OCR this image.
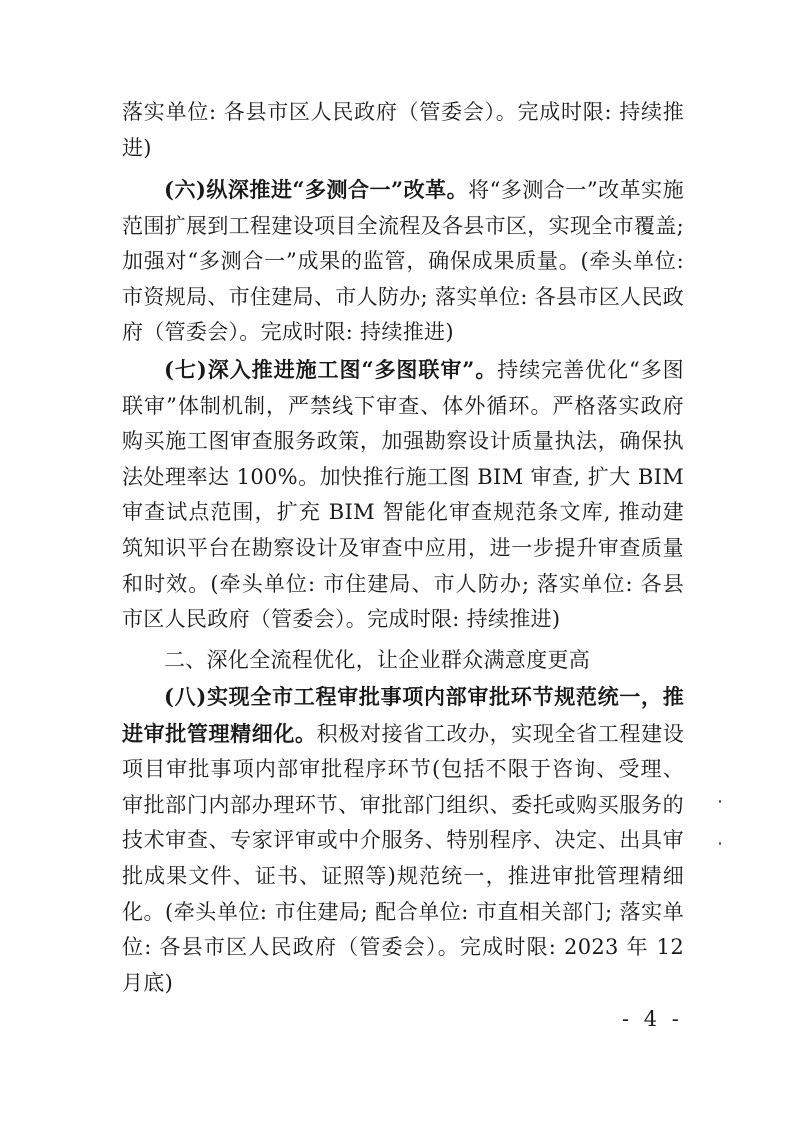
落实单位: 各县市区人民政府（管委会）。完成时限: 持续推进)
(六)纵深推进“多测合一”改革。将“多测合一”改革实施范围扩展到工程建设项目全流程及各县市区，实现全市覆盖; 加强对“多测合一”成果的监管，确保成果质量。(牵头单位: 市资规局、市住建局、市人防办; 落实单位: 各县市区人民政府（管委会）。完成时限: 持续推进)
(七)深入推进施工图“多图联审”。持续完善优化“多图联审”体制机制，严禁线下审查、体外循环。严格落实政府购买施工图审查服务政策，加强勘察设计质量执法，确保执法处理率达 100%。加快推行施工图 BIM 审查, 扩大 BIM 审查试点范围，扩充 BIM 智能化审查规范条文库, 推动建筑知识平台在勘察设计及审查中应用，进一步提升审查质量和时效。(牵头单位: 市住建局、市人防办; 落实单位: 各县市区人民政府（管委会）。完成时限: 持续推进)
二、深化全流程优化，让企业群众满意度更高
(八)实现全市工程审批事项内部审批环节规范统一，推进审批管理精细化。积极对接省工改办，实现全省工程建设项目审批事项内部审批程序环节(包括不限于咨询、受理、审批部门内部办理环节、审批部门组织、委托或购买服务的技术审查、专家评审或中介服务、特别程序、决定、出具审批成果文件、证书、证照等)规范统一，推进审批管理精细化。(牵头单位: 市住建局; 配合单位: 市直相关部门; 落实单位: 各县市区人民政府（管委会）。完成时限: 2023 年 12 月底)
- 4 -
